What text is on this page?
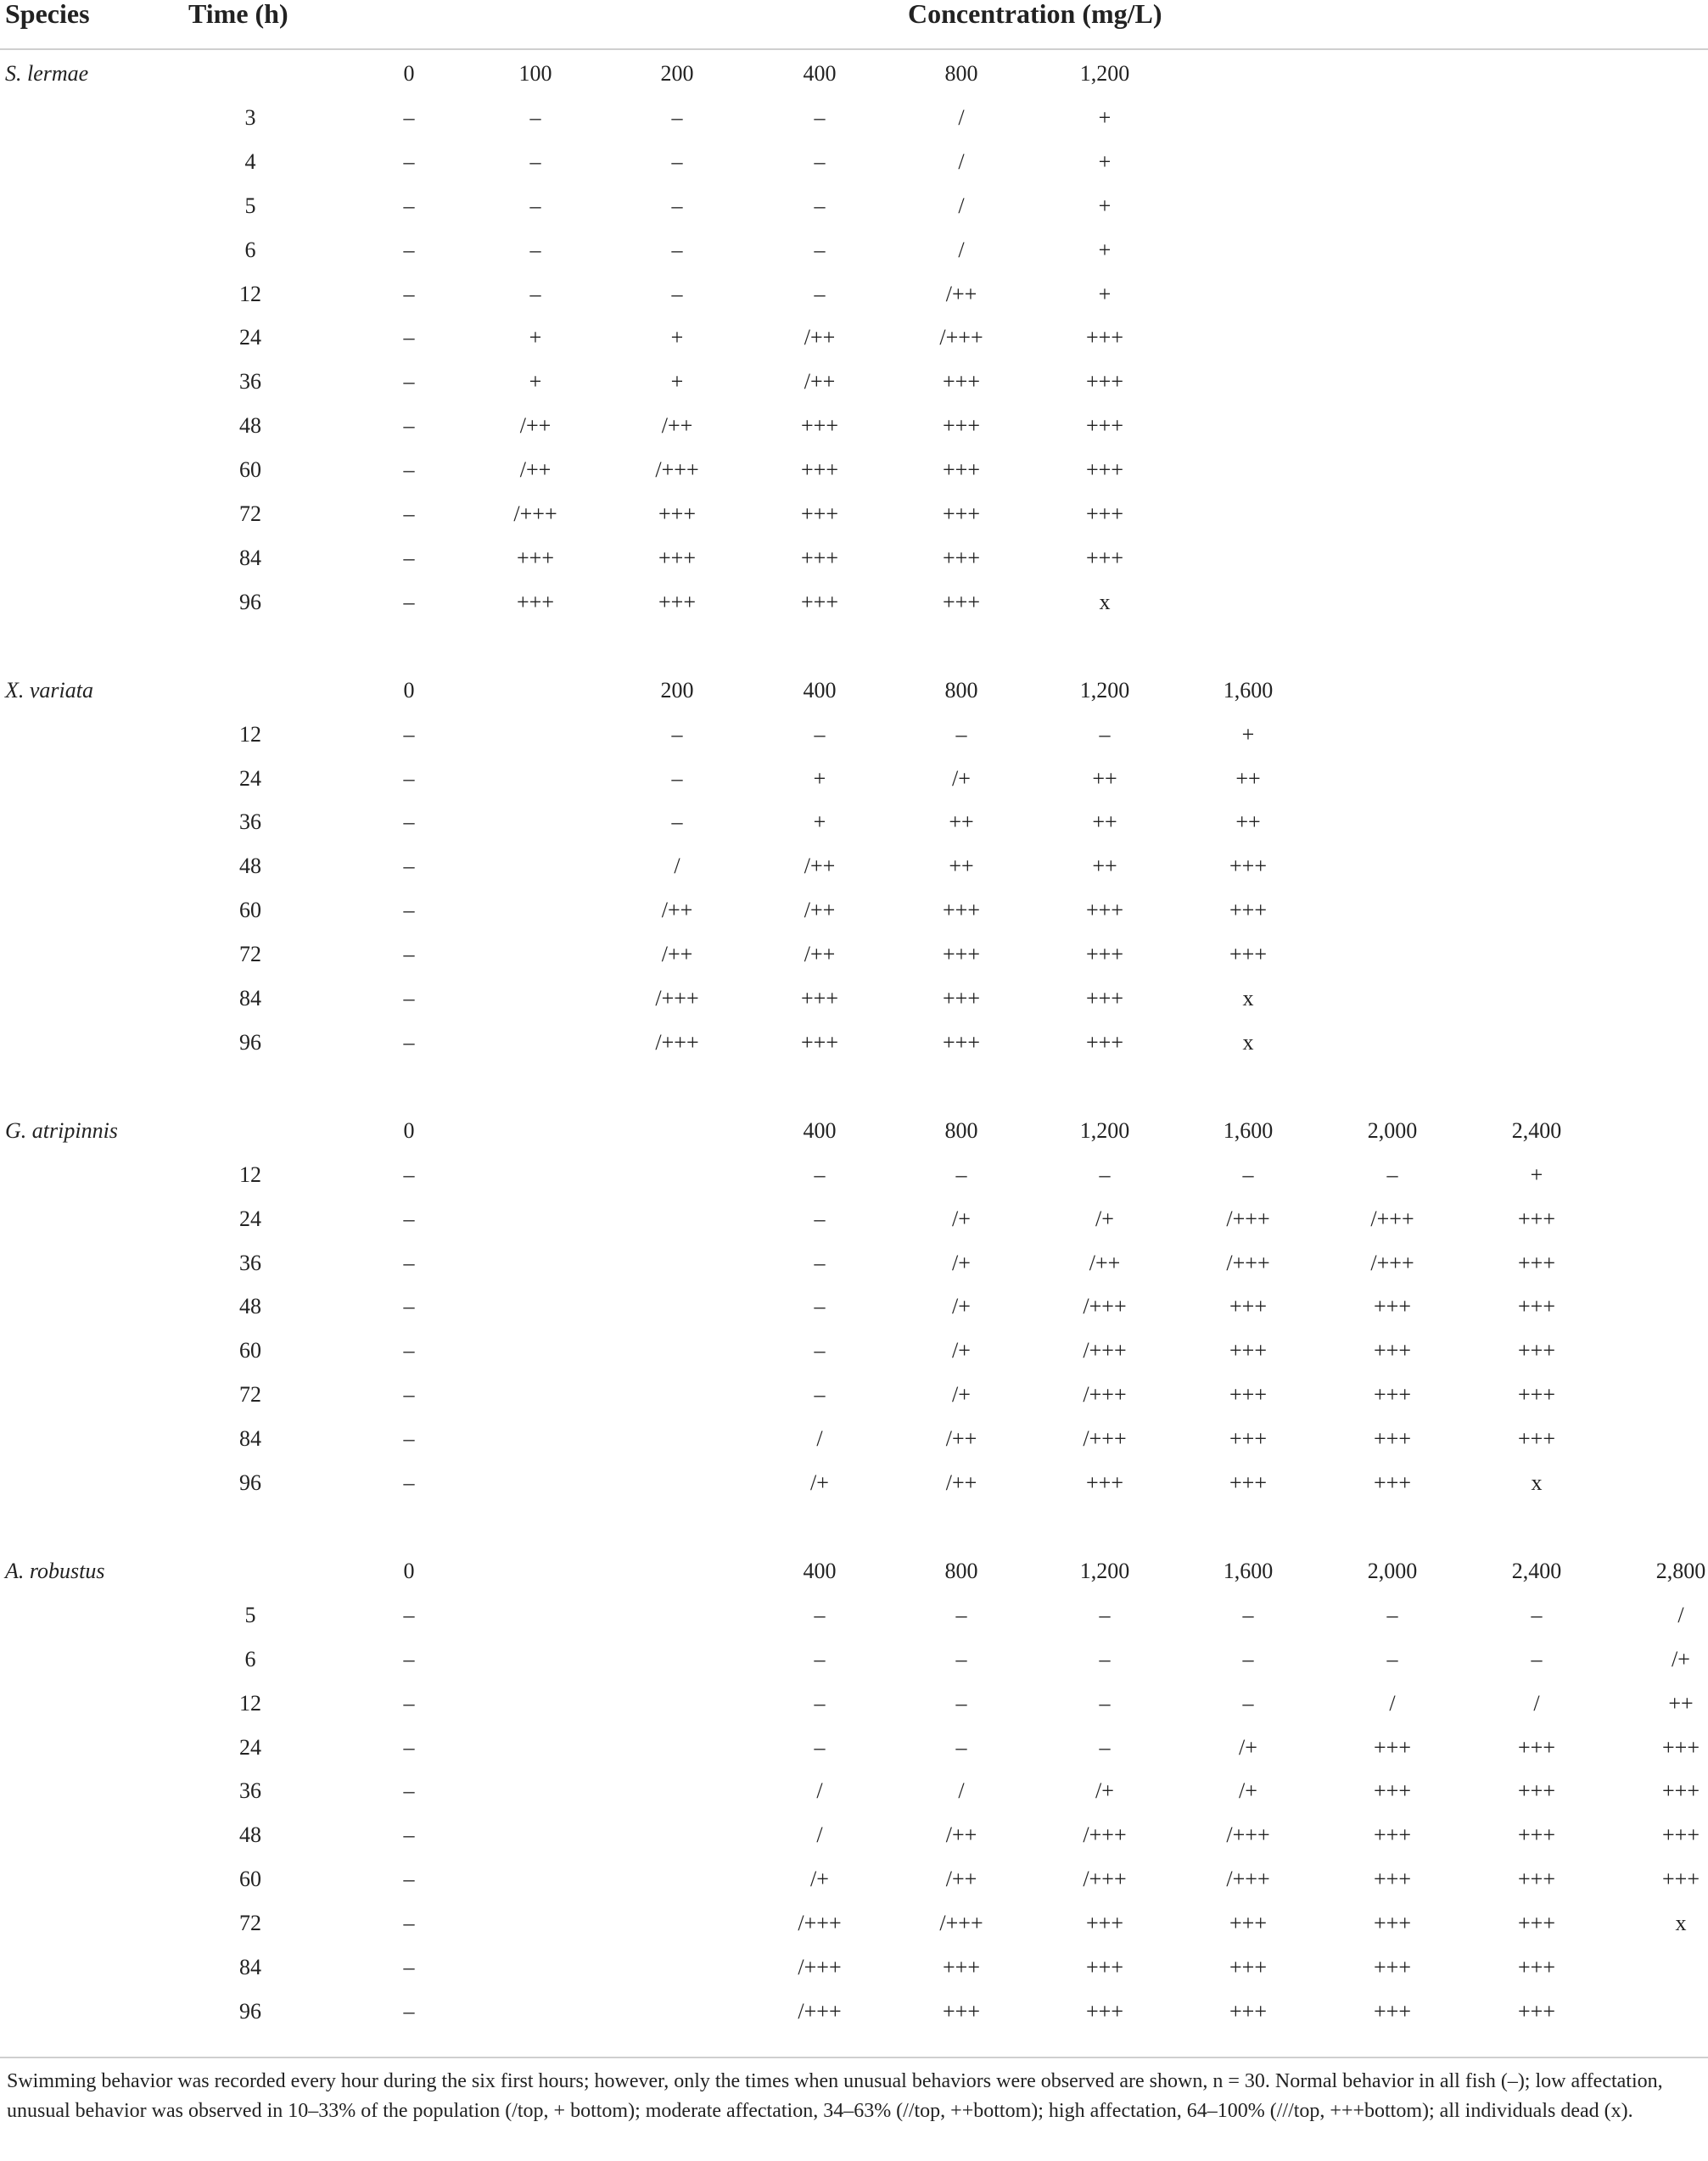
Species	Time (h)	Concentration (mg/L)
S. lermae	0	100	200	400	800	1,200
3	–	–	–	–	/	+
4	–	–	–	–	/	+
5	–	–	–	–	/	+
6	–	–	–	–	/	+
12	–	–	–	–	/++	+
24	–	+	+	/++	/+++	+++
36	–	+	+	/++	+++	+++
48	–	/++	/++	+++	+++	+++
60	–	/++	/+++	+++	+++	+++
72	–	/+++	+++	+++	+++	+++
84	–	+++	+++	+++	+++	+++
96	–	+++	+++	+++	+++	x
X. variata	0	200	400	800	1,200	1,600
12	–	–	–	–	–	+
24	–	–	+	/+	++	++
36	–	–	+	++	++	++
48	–	/	/++	++	++	+++
60	–	/++	/++	+++	+++	+++
72	–	/++	/++	+++	+++	+++
84	–	/+++	+++	+++	+++	x
96	–	/+++	+++	+++	+++	x
G. atripinnis	0	400	800	1,200	1,600	2,000	2,400
12	–	–	–	–	–	–	+
24	–	–	/+	/+	/+++	/+++	+++
36	–	–	/+	/++	/+++	/+++	+++
48	–	–	/+	/+++	+++	+++	+++
60	–	–	/+	/+++	+++	+++	+++
72	–	–	/+	/+++	+++	+++	+++
84	–	/	/++	/+++	+++	+++	+++
96	–	/+	/++	+++	+++	+++	x
A. robustus	0	400	800	1,200	1,600	2,000	2,400	2,800
5	–	–	–	–	–	–	–	/
6	–	–	–	–	–	–	–	/+
12	–	–	–	–	–	/	/	++
24	–	–	–	–	/+	+++	+++	+++
36	–	/	/	/+	/+	+++	+++	+++
48	–	/	/++	/+++	/+++	+++	+++	+++
60	–	/+	/++	/+++	/+++	+++	+++	+++
72	–	/+++	/+++	+++	+++	+++	+++	x
84	–	/+++	+++	+++	+++	+++	+++
96	–	/+++	+++	+++	+++	+++	+++
Swimming behavior was recorded every hour during the six first hours; however, only the times when unusual behaviors were observed are shown, n = 30. Normal behavior in all fish (–); low affectation, unusual behavior was observed in 10–33% of the population (/top, + bottom); moderate affectation, 34–63% (//top, ++bottom); high affectation, 64–100% (///top, +++bottom); all individuals dead (x).
